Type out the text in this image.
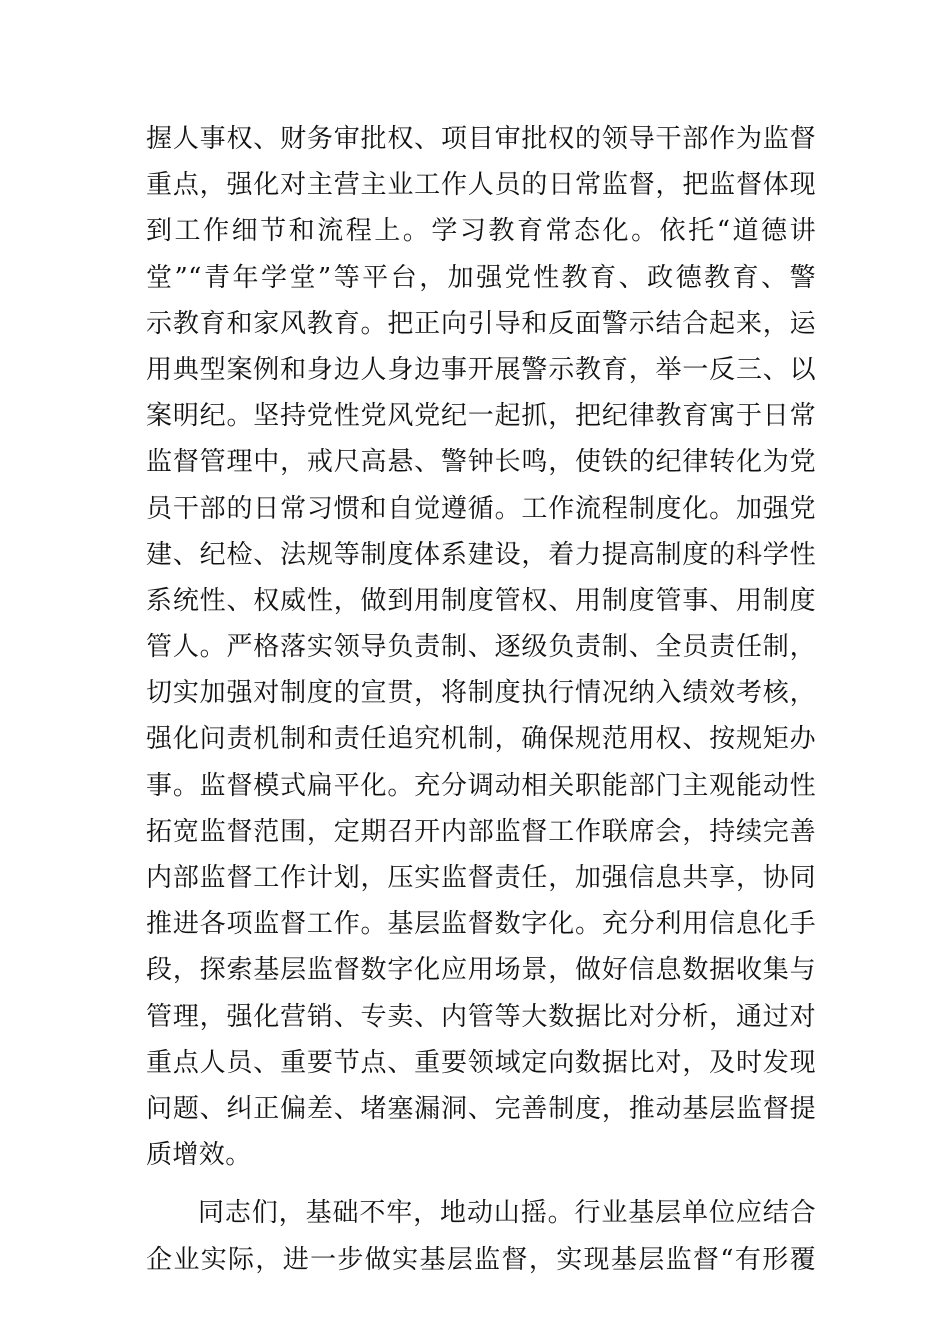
握人事权、财务审批权、项目审批权的领导干部作为监督
重点，强化对主营主业工作人员的日常监督，把监督体现
到工作细节和流程上。学习教育常态化。依托“道德讲
堂”“青年学堂”等平台，加强党性教育、政德教育、警
示教育和家风教育。把正向引导和反面警示结合起来，运
用典型案例和身边人身边事开展警示教育，举一反三、以
案明纪。坚持党性党风党纪一起抓，把纪律教育寓于日常
监督管理中，戒尺高悬、警钟长鸣，使铁的纪律转化为党
员干部的日常习惯和自觉遵循。工作流程制度化。加强党
建、纪检、法规等制度体系建设，着力提高制度的科学性
系统性、权威性，做到用制度管权、用制度管事、用制度
管人。严格落实领导负责制、逐级负责制、全员责任制，
切实加强对制度的宣贯，将制度执行情况纳入绩效考核，
强化问责机制和责任追究机制，确保规范用权、按规矩办
事。监督模式扁平化。充分调动相关职能部门主观能动性
拓宽监督范围，定期召开内部监督工作联席会，持续完善
内部监督工作计划，压实监督责任，加强信息共享，协同
推进各项监督工作。基层监督数字化。充分利用信息化手
段，探索基层监督数字化应用场景，做好信息数据收集与
管理，强化营销、专卖、内管等大数据比对分析，通过对
重点人员、重要节点、重要领域定向数据比对，及时发现
问题、纠正偏差、堵塞漏洞、完善制度，推动基层监督提
质增效。
同志们，基础不牢，地动山摇。行业基层单位应结合
企业实际，进一步做实基层监督，实现基层监督“有形覆
